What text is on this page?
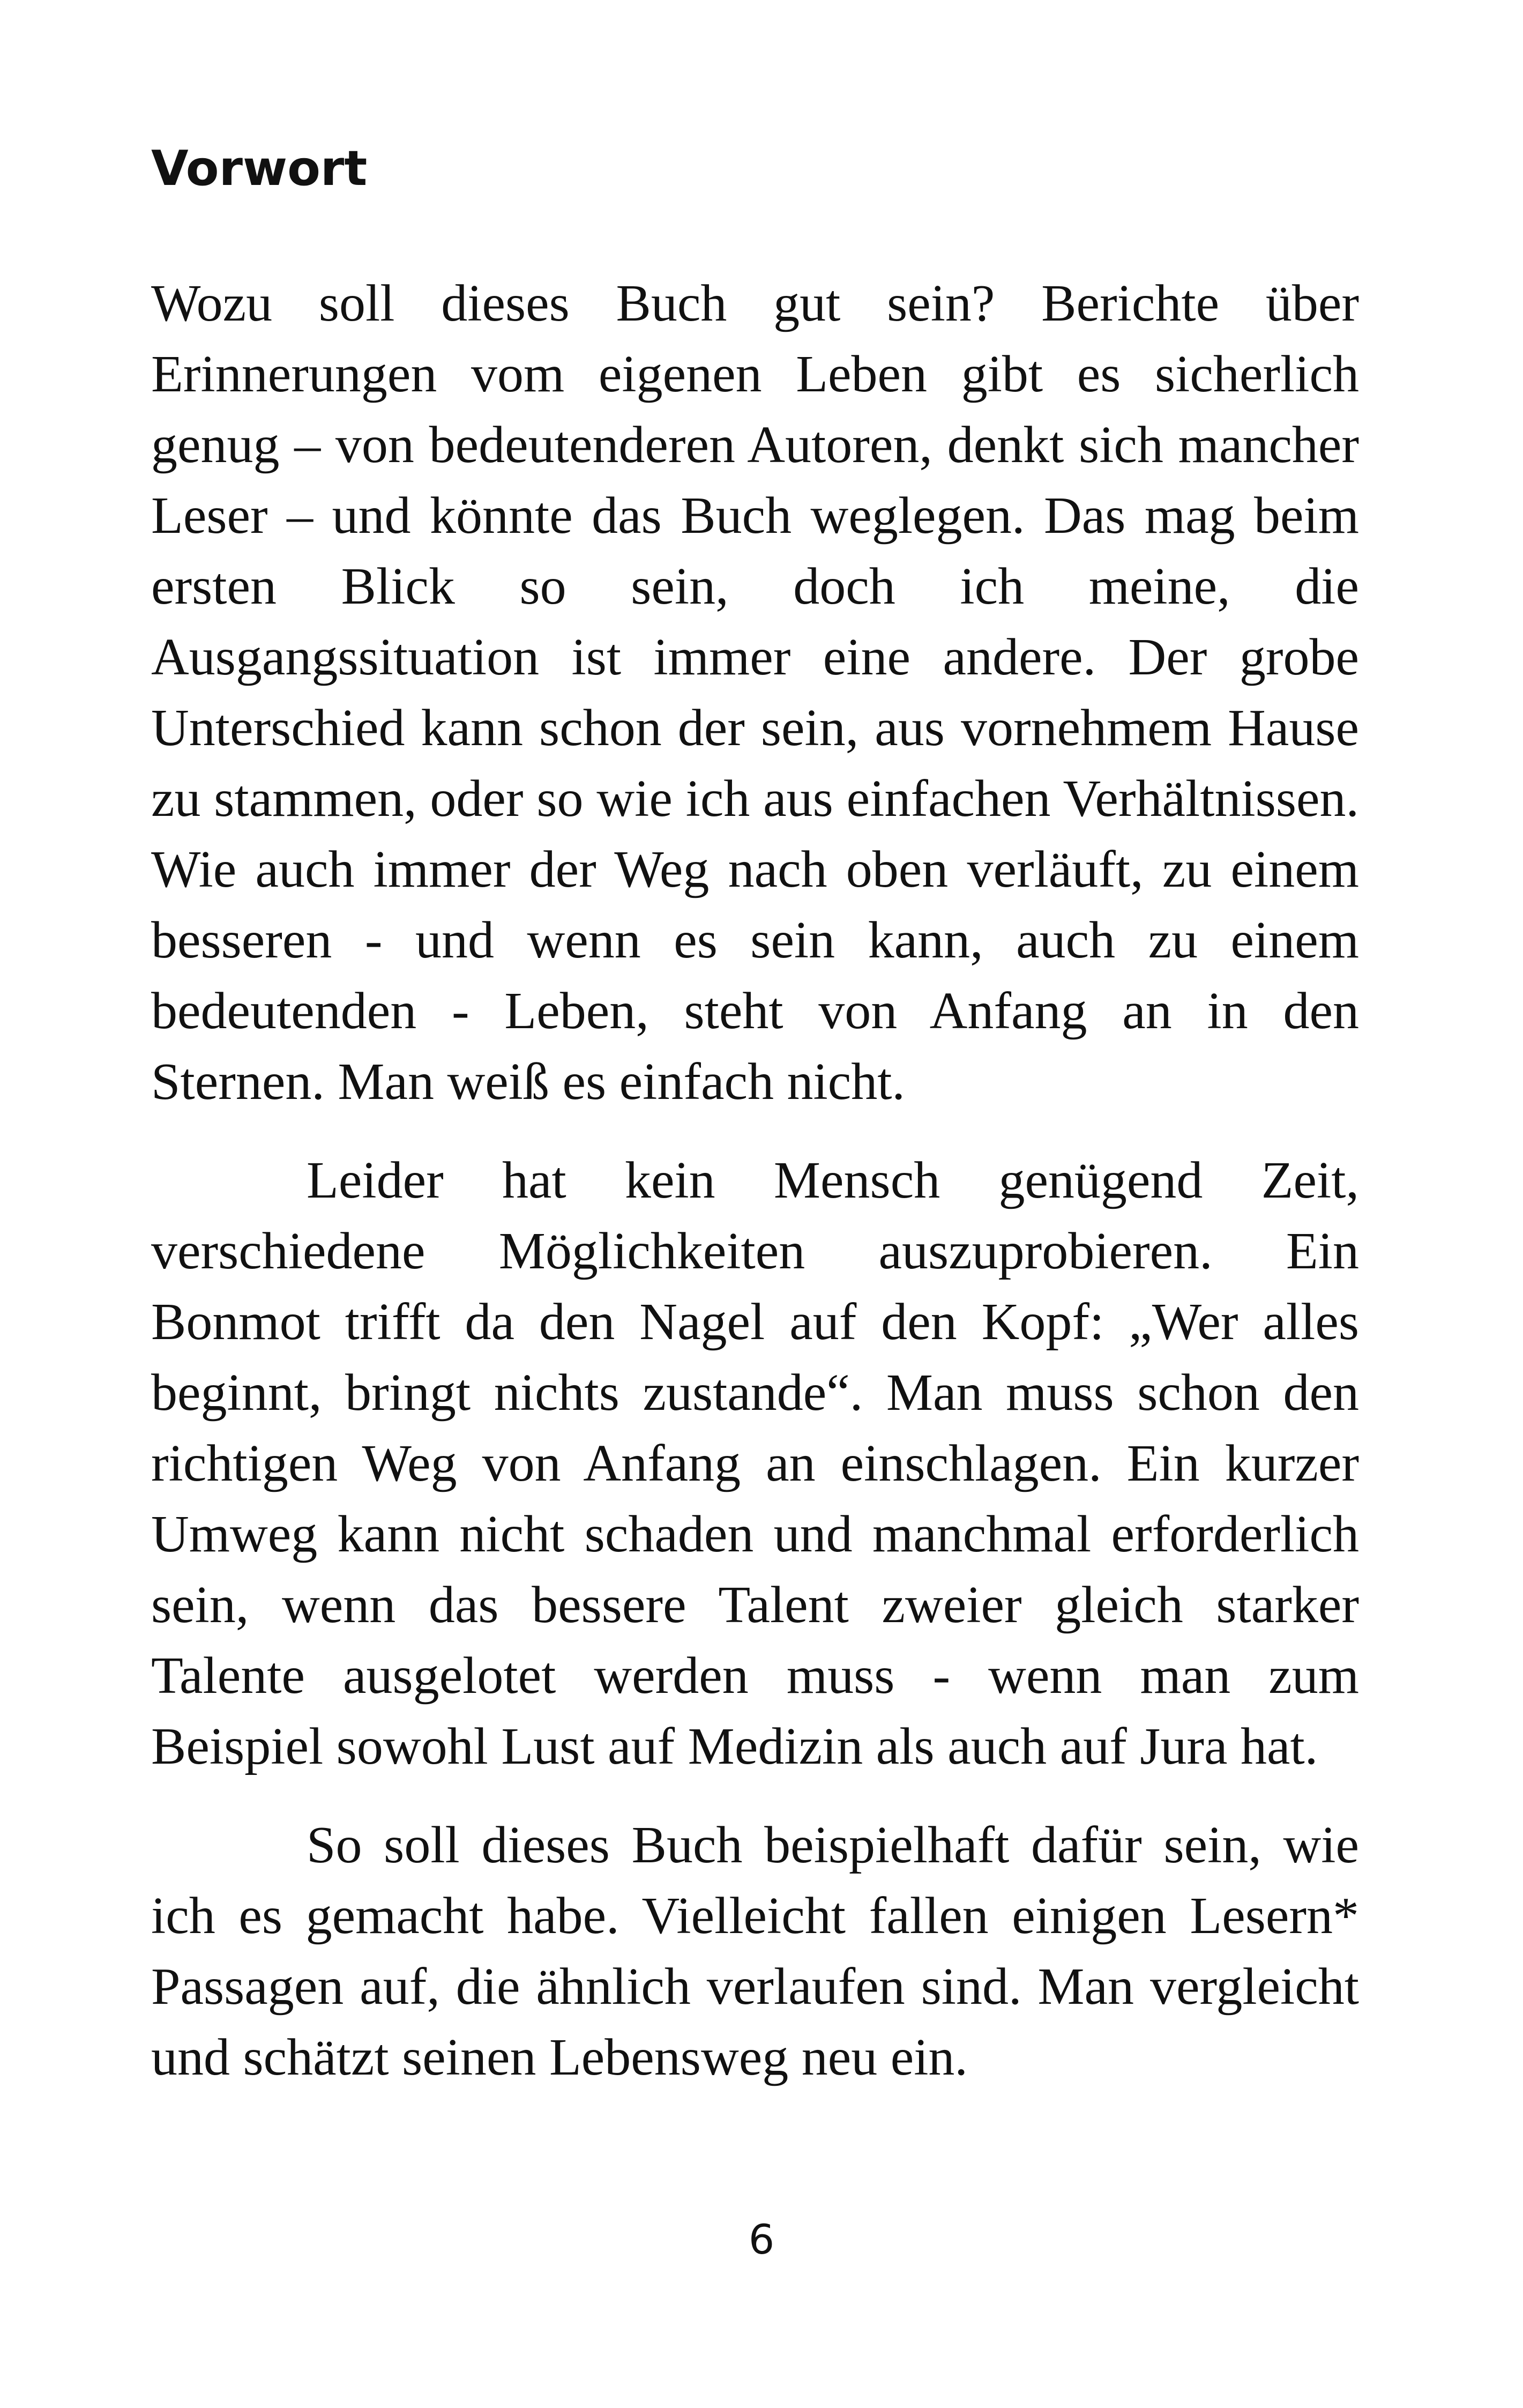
Vorwort

Wozu soll dieses Buch gut sein? Berichte über Erinnerungen vom eigenen Leben gibt es sicherlich genug – von bedeutenderen Autoren, denkt sich mancher Leser – und könnte das Buch weglegen. Das mag beim ersten Blick so sein, doch ich meine, die Ausgangssituation ist immer eine andere. Der grobe Unterschied kann schon der sein, aus vornehmem Hause zu stammen, oder so wie ich aus einfachen Verhältnissen. Wie auch immer der Weg nach oben verläuft, zu einem besseren - und wenn es sein kann, auch zu einem bedeutenden - Leben, steht von Anfang an in den Sternen. Man weiß es einfach nicht.

Leider hat kein Mensch genügend Zeit, verschiedene Möglichkeiten auszuprobieren. Ein Bonmot trifft da den Nagel auf den Kopf: „Wer alles beginnt, bringt nichts zustande“. Man muss schon den richtigen Weg von Anfang an einschlagen. Ein kurzer Umweg kann nicht schaden und manchmal erforderlich sein, wenn das bessere Talent zweier gleich starker Talente ausgelotet werden muss - wenn man zum Beispiel sowohl Lust auf Medizin als auch auf Jura hat.

So soll dieses Buch beispielhaft dafür sein, wie ich es gemacht habe. Vielleicht fallen einigen Lesern* Passagen auf, die ähnlich verlaufen sind. Man vergleicht und schätzt seinen Lebensweg neu ein.

6
